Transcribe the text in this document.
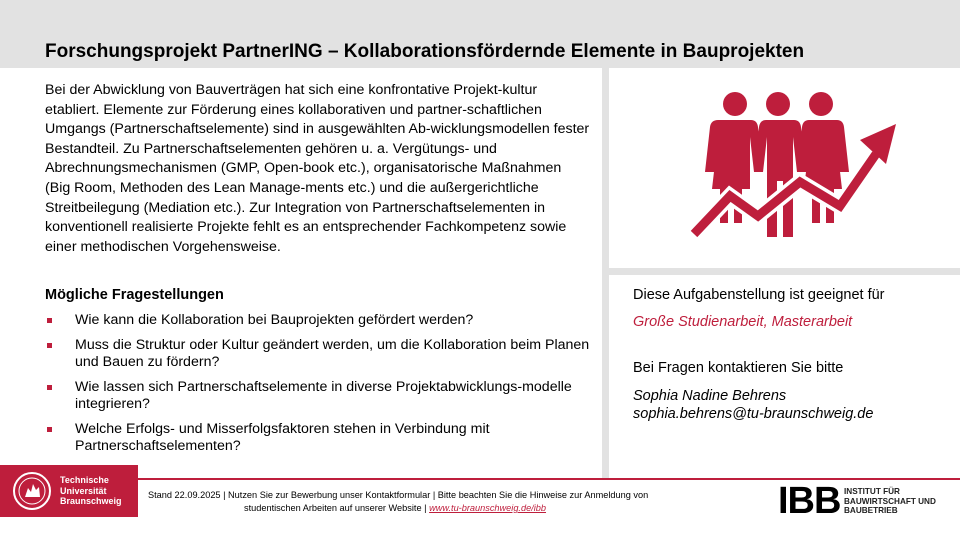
Forschungsprojekt PartnerING – Kollaborationsfördernde Elemente in Bauprojekten

Bei der Abwicklung von Bauverträgen hat sich eine konfrontative Projekt-kultur etabliert. Elemente zur Förderung eines kollaborativen und partner-schaftlichen Umgangs (Partnerschaftselemente) sind in ausgewählten Ab-wicklungsmodellen fester Bestandteil. Zu Partnerschaftselementen gehören u. a. Vergütungs- und Abrechnungsmechanismen (GMP, Open-book etc.), organisatorische Maßnahmen (Big Room, Methoden des Lean Manage-ments etc.) und die außergerichtliche Streitbeilegung (Mediation etc.). Zur Integration von Partnerschaftselementen in konventionell realisierte Projekte fehlt es an entsprechender Fachkompetenz sowie einer methodischen Vorgehensweise.

Mögliche Fragestellungen

Wie kann die Kollaboration bei Bauprojekten gefördert werden?
Muss die Struktur oder Kultur geändert werden, um die Kollaboration beim Planen und Bauen zu fördern?
Wie lassen sich Partnerschaftselemente in diverse Projektabwicklungs-modelle integrieren?
Welche Erfolgs- und Misserfolgsfaktoren stehen in Verbindung mit Partnerschaftselementen?
Diese Aufgabenstellung ist geeignet für
Große Studienarbeit, Masterarbeit
Bei Fragen kontaktieren Sie bitte
Sophia Nadine Behrens
sophia.behrens@tu-braunschweig.de
Technische
Universität
Braunschweig
Stand 22.09.2025 | Nutzen Sie zur Bewerbung unser Kontaktformular | Bitte beachten Sie die Hinweise zur Anmeldung von
studentischen Arbeiten auf unserer Website | www.tu-braunschweig.de/ibb	IBB INSTITUT FÜR
BAUWIRTSCHAFT UND
BAUBETRIEB
